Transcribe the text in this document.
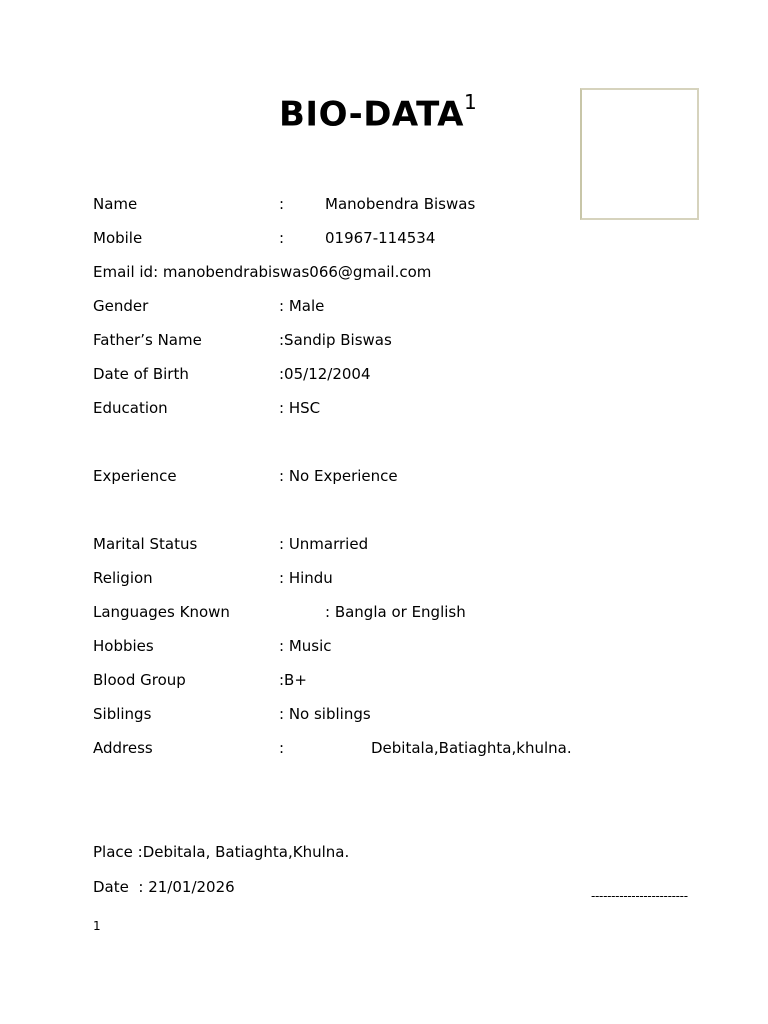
BIO-DATA$^1$
Name	:	Manobendra Biswas
Mobile	:	01967-114534
Email id: manobendrabiswas066@gmail.com
Gender	: Male
Father’s Name	:Sandip Biswas
Date of Birth	:05/12/2004
Education	: HSC
Experience	: No Experience
Marital Status	: Unmarried
Religion	: Hindu
Languages Known	: Bangla or English
Hobbies	: Music
Blood Group	:B+
Siblings	: No siblings
Address	:	Debitala,Batiaghta,khulna.
Place :Debitala, Batiaghta,Khulna.
Date  : 21/01/2026	------------------------
1
